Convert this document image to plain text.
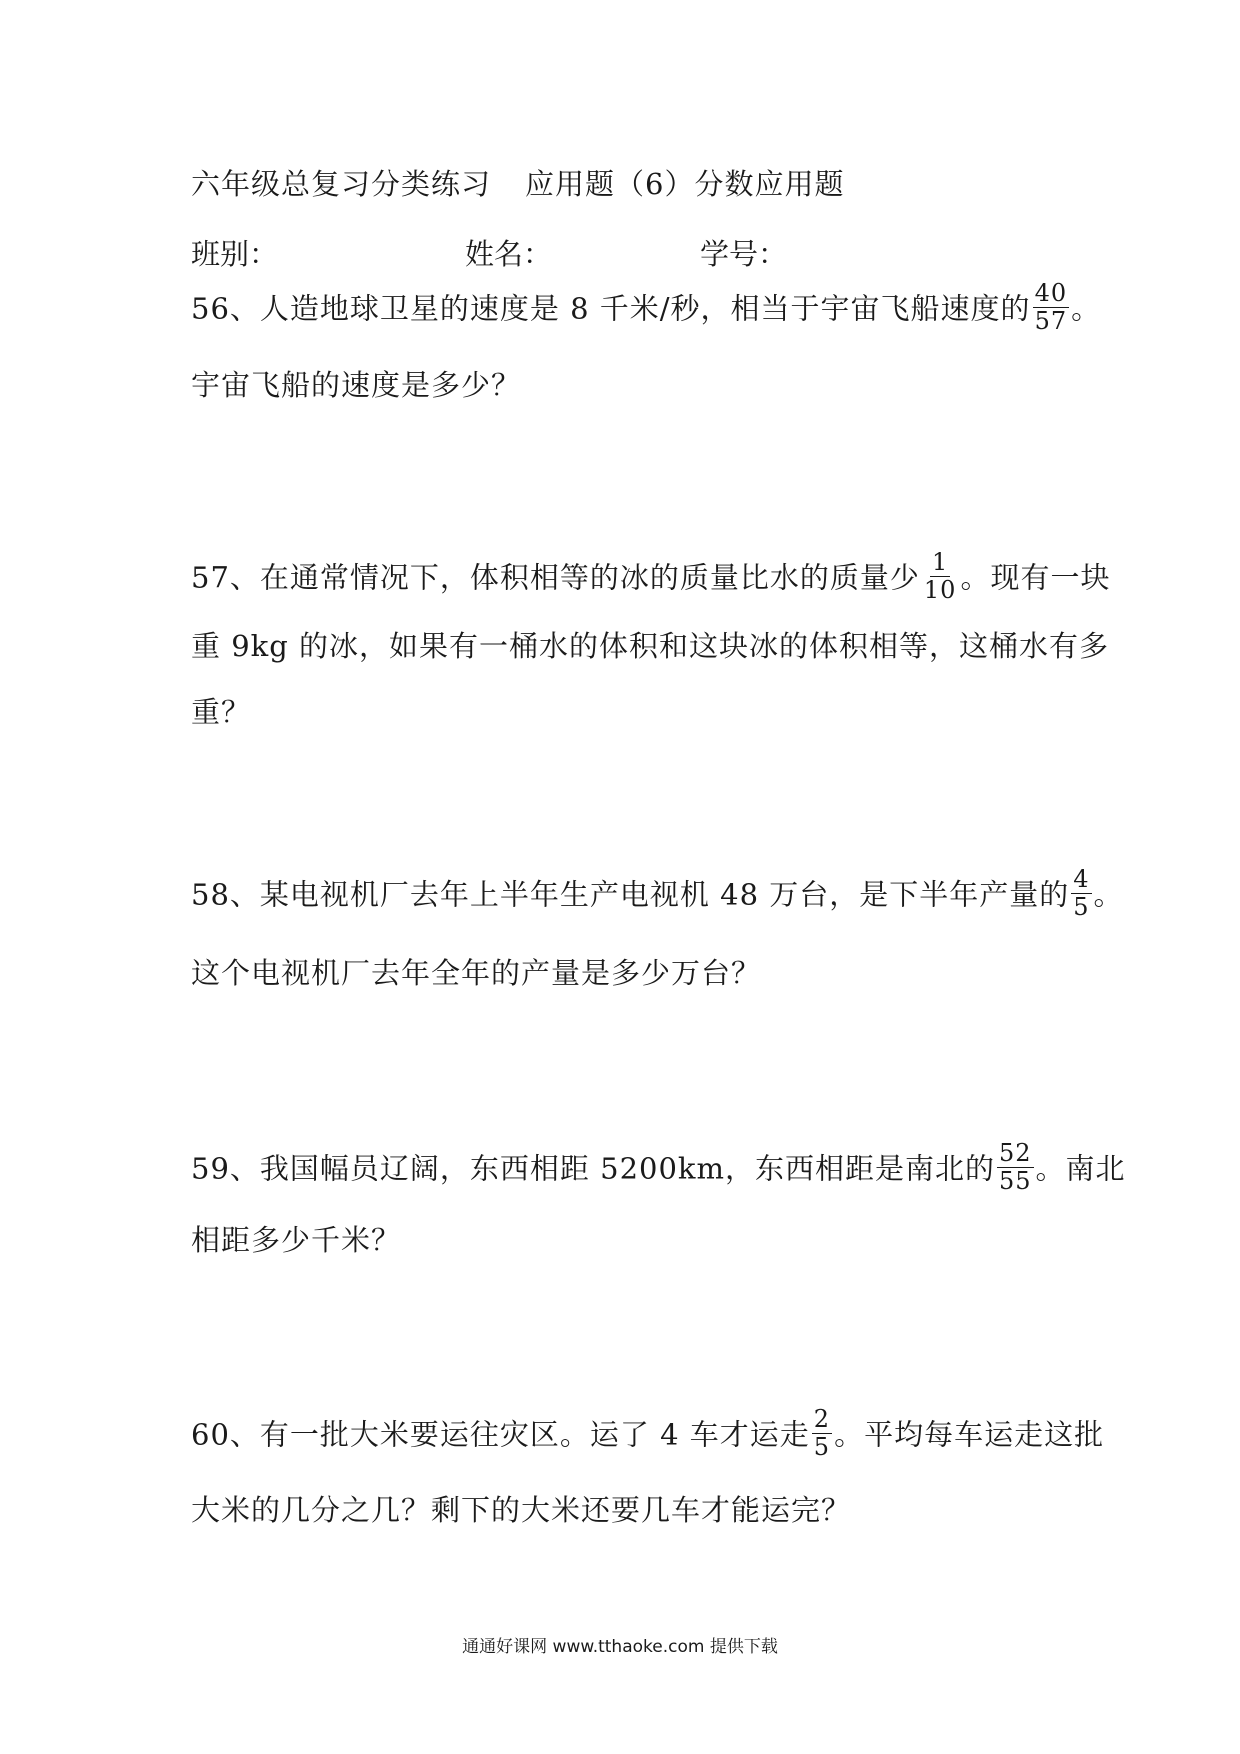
六年级总复习分类练习 应用题（6）分数应用题
班别：	姓名：	学号：
56、人造地球卫星的速度是 8 千米/秒，相当于宇宙飞船速度的 $\frac{40}{57}$ 。
宇宙飞船的速度是多少？
57、在通常情况下，体积相等的冰的质量比水的质量少 $\frac{1}{10}$ 。现有一块
重 9kg 的冰，如果有一桶水的体积和这块冰的体积相等，这桶水有多
重？
58、某电视机厂去年上半年生产电视机 48 万台，是下半年产量的 $\frac{4}{5}$ 。
这个电视机厂去年全年的产量是多少万台？
59、我国幅员辽阔，东西相距 5200km，东西相距是南北的 $\frac{52}{55}$ 。南北
相距多少千米？
60、有一批大米要运往灾区。运了 4 车才运走 $\frac{2}{5}$ 。平均每车运走这批
大米的几分之几？剩下的大米还要几车才能运完？
通通好课网 www.tthaoke.com 提供下载
